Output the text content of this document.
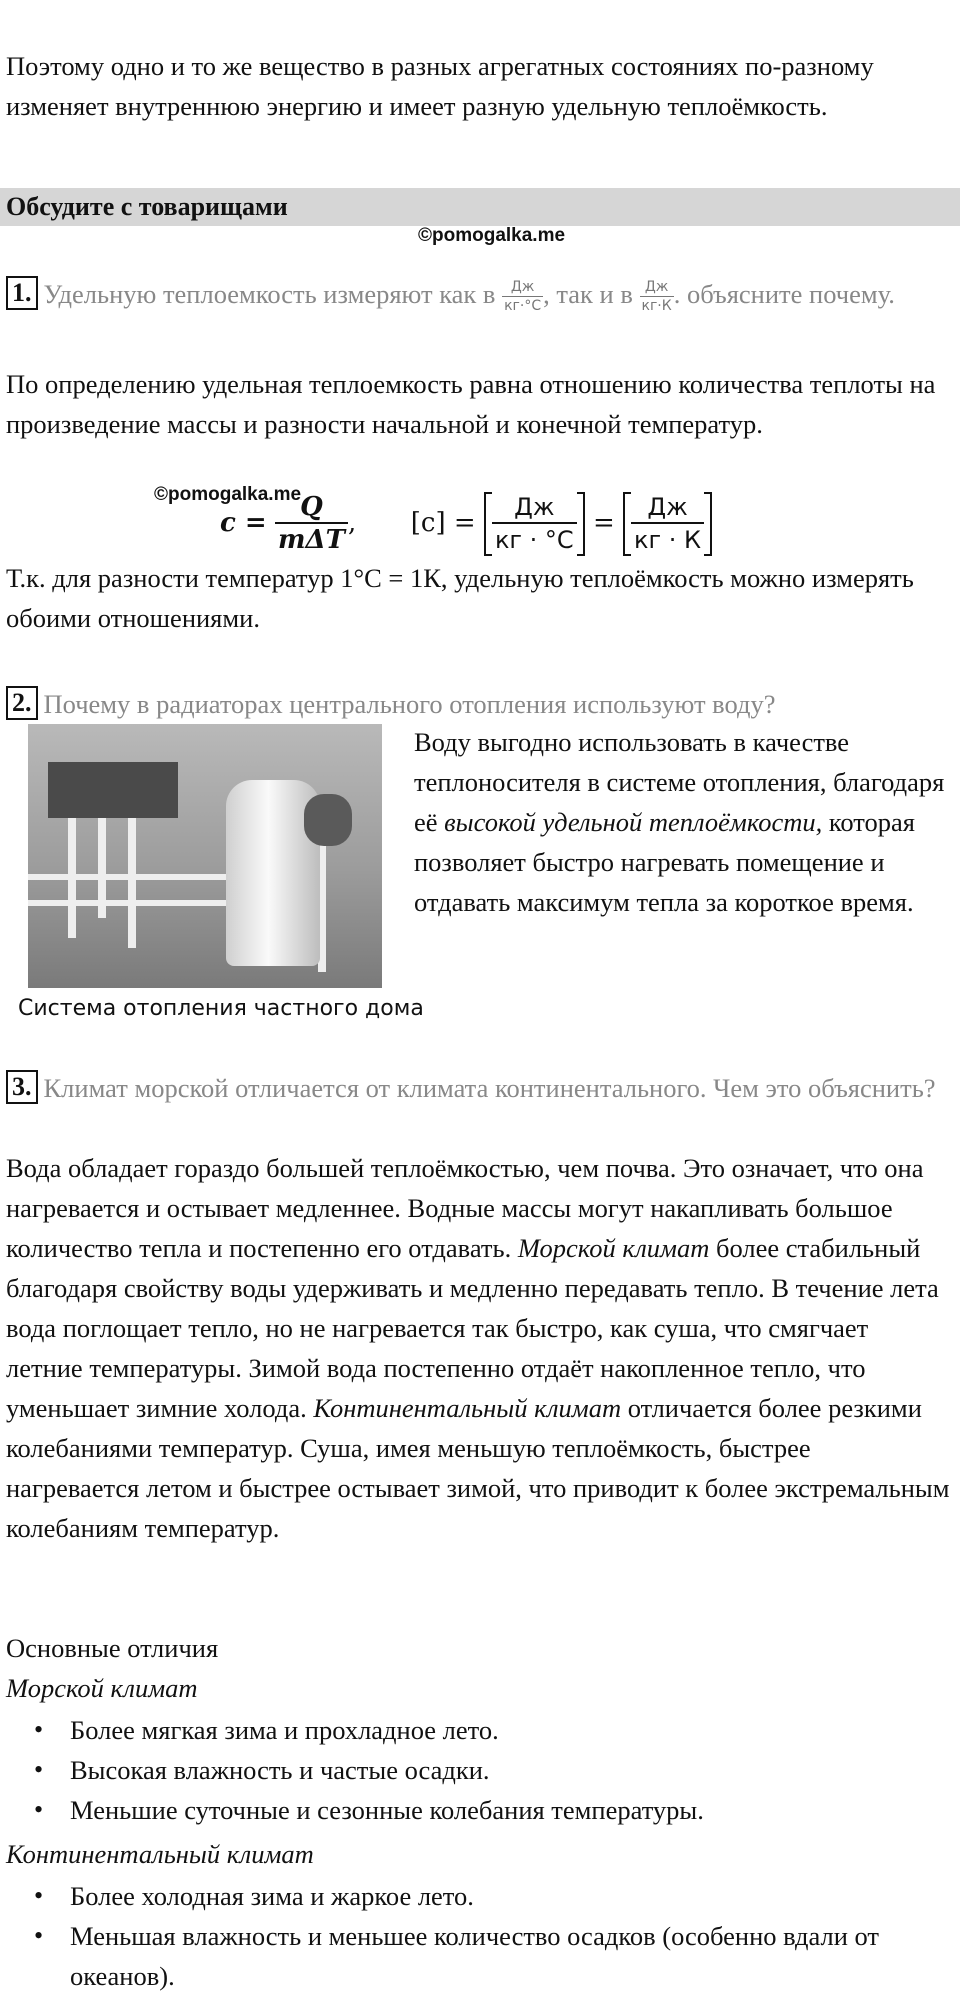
Поэтому одно и то же вещество в разных агрегатных состояниях по-разному изменяет внутреннюю энергию и имеет разную удельную теплоёмкость.
Обсудите с товарищами
©pomogalka.me
1. Удельную теплоемкость измеряют как в $\frac{Дж}{кг\cdot^\circ С}$ , так и в $\frac{Дж}{кг\cdot К}$ . объясните почему.
По определению удельная теплоемкость равна отношению количества теплоты на произведение массы и разности начальной и конечной температур.
©pomogalka.me
$c = \frac{Q}{\text{mΔT}}$ , $[c] = \frac{Дж}{кг \cdot ^\circ С} = \frac{Дж}{кг \cdot К}$
Т.к. для разности температур 1°С = 1К, удельную теплоёмкость можно измерять обоими отношениями.
2. Почему в радиаторах центрального отопления используют воду?
Система отопления частного дома
Воду выгодно использовать в качестве теплоносителя в системе отопления, благодаря её высокой удельной теплоёмкости, которая позволяет быстро нагревать помещение и отдавать максимум тепла за короткое время.
3. Климат морской отличается от климата континентального. Чем это объяснить?
Вода обладает гораздо большей теплоёмкостью, чем почва. Это означает, что она нагревается и остывает медленнее. Водные массы могут накапливать большое количество тепла и постепенно его отдавать. Морской климат более стабильный благодаря свойству воды удерживать и медленно передавать тепло. В течение лета вода поглощает тепло, но не нагревается так быстро, как суша, что смягчает летние температуры. Зимой вода постепенно отдаёт накопленное тепло, что уменьшает зимние холода. Континентальный климат отличается более резкими колебаниями температур. Суша, имея меньшую теплоёмкость, быстрее нагревается летом и быстрее остывает зимой, что приводит к более экстремальным колебаниям температур.
Основные отличия
Морской климат
• Более мягкая зима и прохладное лето.
• Высокая влажность и частые осадки.
• Меньшие суточные и сезонные колебания температуры.
Континентальный климат
• Более холодная зима и жаркое лето.
• Меньшая влажность и меньшее количество осадков (особенно вдали от океанов).
